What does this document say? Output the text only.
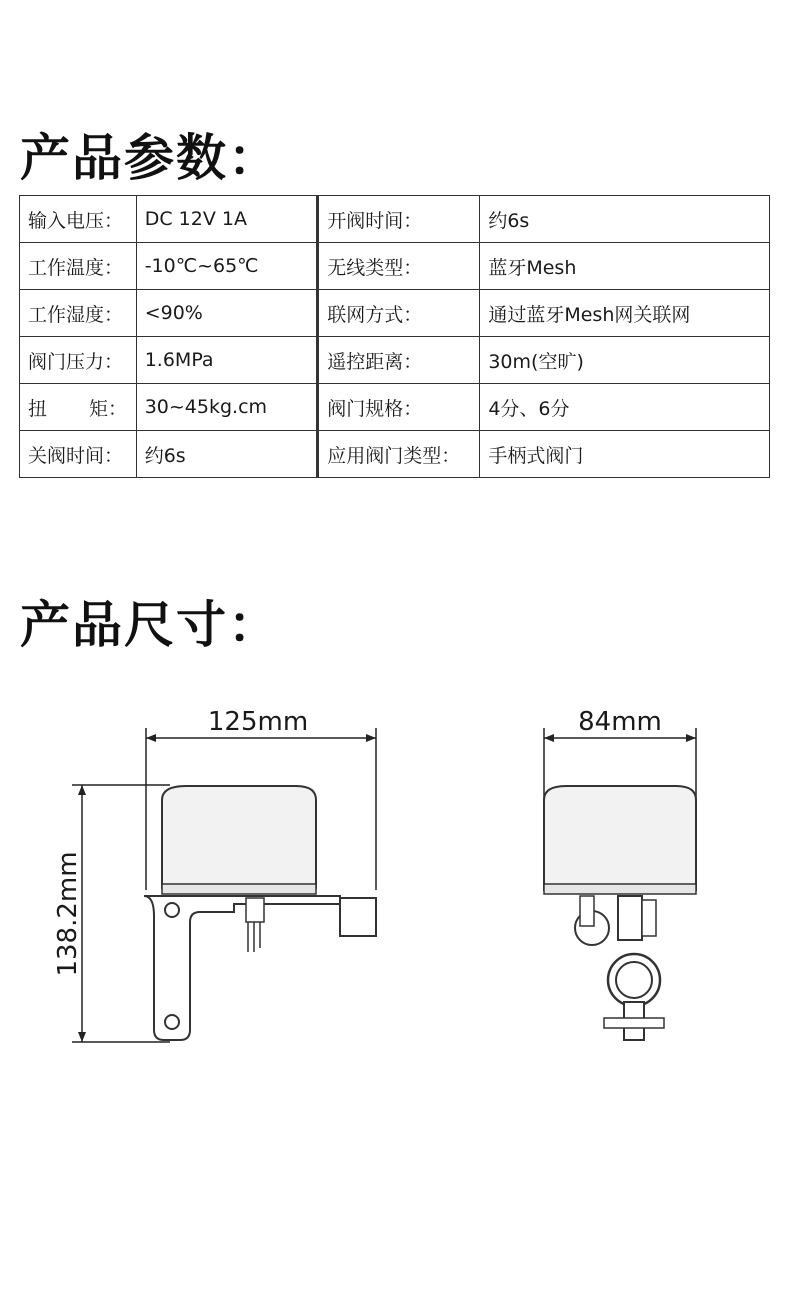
产品参数：
输入电压：	DC 12V 1A	开阀时间：	约6s
工作温度：	-10℃~65℃	无线类型：	蓝牙Mesh
工作湿度：	<90%	联网方式：	通过蓝牙Mesh网关联网
阀门压力：	1.6MPa	遥控距离：	30m(空旷)
扭 矩：	30~45kg.cm	阀门规格：	4分、6分
关阀时间：	约6s	应用阀门类型：	手柄式阀门
产品尺寸：
125mm
138.2mm
84mm
